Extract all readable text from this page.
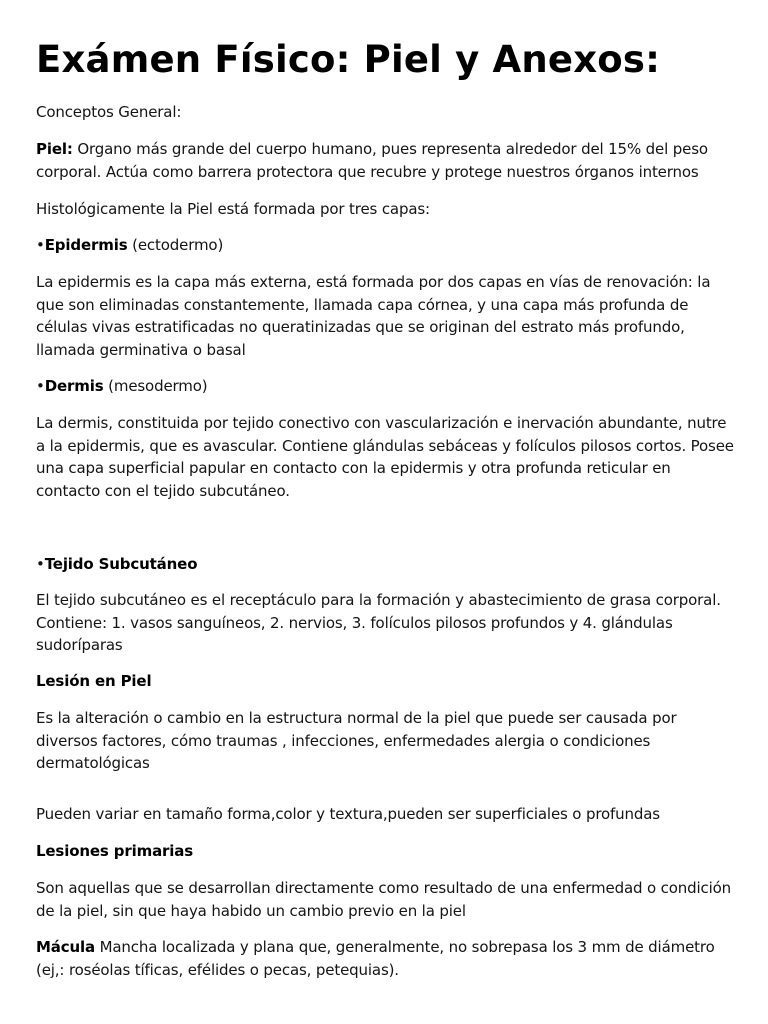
Exámen Físico: Piel y Anexos:

Conceptos General:

Piel: Organo más grande del cuerpo humano, pues representa alrededor del 15% del peso corporal. Actúa como barrera protectora que recubre y protege nuestros órganos internos

Histológicamente la Piel está formada por tres capas:

•Epidermis (ectodermo)

La epidermis es la capa más externa, está formada por dos capas en vías de renovación: la que son eliminadas constantemente, llamada capa córnea, y una capa más profunda de células vivas estratificadas no queratinizadas que se originan del estrato más profundo, llamada germinativa o basal

•Dermis (mesodermo)

La dermis, constituida por tejido conectivo con vascularización e inervación abundante, nutre a la epidermis, que es avascular. Contiene glándulas sebáceas y folículos pilosos cortos. Posee una capa superficial papular en contacto con la epidermis y otra profunda reticular en contacto con el tejido subcutáneo.

•Tejido Subcutáneo

El tejido subcutáneo es el receptáculo para la formación y abastecimiento de grasa corporal. Contiene: 1. vasos sanguíneos, 2. nervios, 3. folículos pilosos profundos y 4. glándulas sudoríparas

Lesión en Piel

Es la alteración o cambio en la estructura normal de la piel que puede ser causada por diversos factores, cómo traumas , infecciones, enfermedades alergia o condiciones dermatológicas

Pueden variar en tamaño forma,color y textura,pueden ser superficiales o profundas

Lesiones primarias

Son aquellas que se desarrollan directamente como resultado de una enfermedad o condición de la piel, sin que haya habido un cambio previo en la piel

Mácula Mancha localizada y plana que, generalmente, no sobrepasa los 3 mm de diámetro (ej,: roséolas tíficas, efélides o pecas, petequias).
